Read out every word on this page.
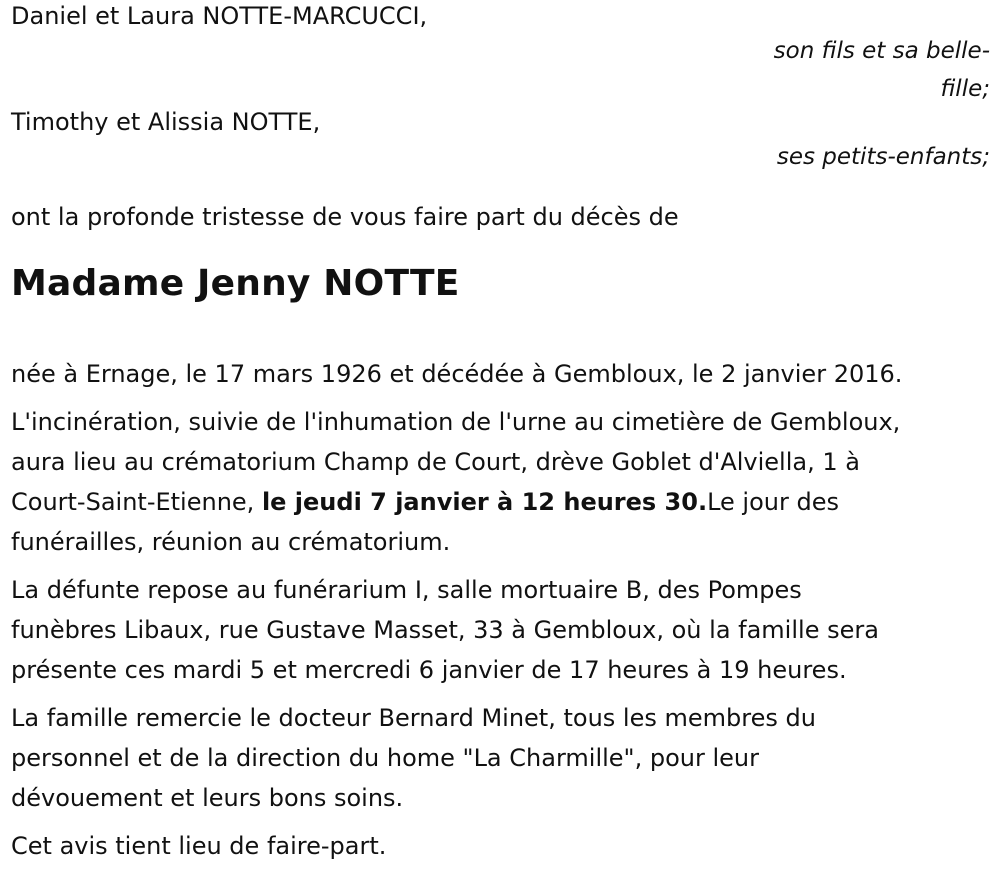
Daniel et Laura NOTTE-MARCUCCI,
son fils et sa belle-
fille;
Timothy et Alissia NOTTE,
ses petits-enfants;
ont la profonde tristesse de vous faire part du décès de
Madame Jenny NOTTE

née à Ernage, le 17 mars 1926 et décédée à Gembloux, le 2 janvier 2016.

L'incinération, suivie de l'inhumation de l'urne au cimetière de Gembloux,
aura lieu au crématorium Champ de Court, drève Goblet d'Alviella, 1 à
Court-Saint-Etienne, le jeudi 7 janvier à 12 heures 30.Le jour des
funérailles, réunion au crématorium.
La défunte repose au funérarium I, salle mortuaire B, des Pompes
funèbres Libaux, rue Gustave Masset, 33 à Gembloux, où la famille sera
présente ces mardi 5 et mercredi 6 janvier de 17 heures à 19 heures.
La famille remercie le docteur Bernard Minet, tous les membres du
personnel et de la direction du home "La Charmille", pour leur
dévouement et leurs bons soins.

Cet avis tient lieu de faire-part.
